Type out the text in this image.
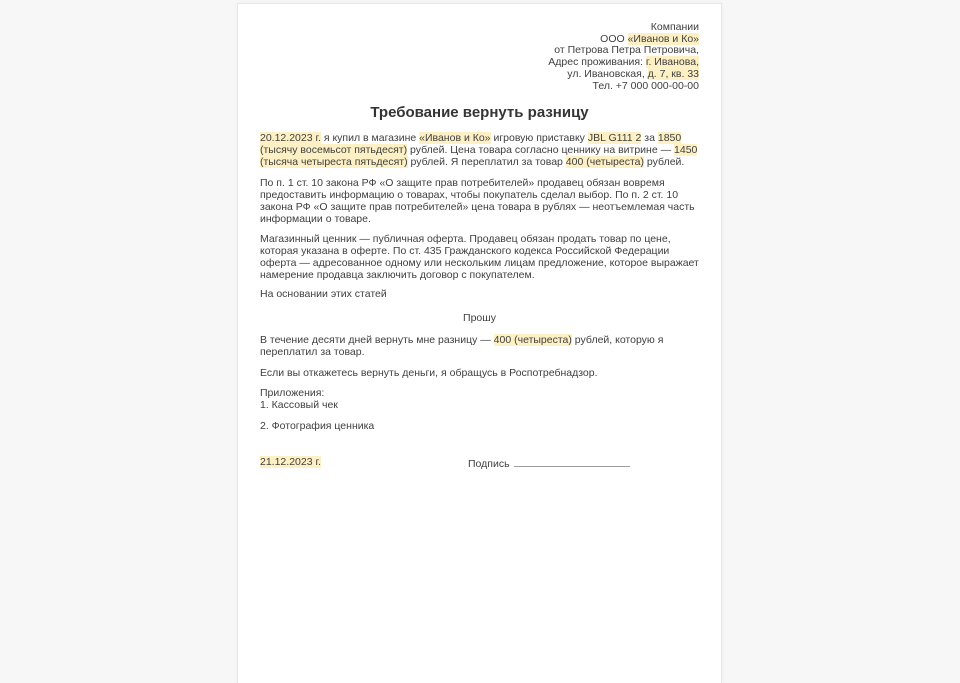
Компании
ООО «Иванов и Ко»
от Петрова Петра Петровича,
Адрес проживания: г. Иванова,
ул. Ивановская, д. 7, кв. 33
Тел. +7 000 000-00-00
Требование вернуть разницу

20.12.2023 г. я купил в магазине «Иванов и Ко» игровую приставку JBL G111 2 за 1850 (тысячу восемьсот пятьдесят) рублей. Цена товара согласно ценнику на витрине — 1450 (тысяча четыреста пятьдесят) рублей. Я переплатил за товар 400 (четыреста) рублей.

По п. 1 ст. 10 закона РФ «О защите прав потребителей» продавец обязан вовремя предоставить информацию о товарах, чтобы покупатель сделал выбор. По п. 2 ст. 10 закона РФ «О защите прав потребителей» цена товара в рублях — неотъемлемая часть информации о товаре.

Магазинный ценник — публичная оферта. Продавец обязан продать товар по цене, которая указана в оферте. По ст. 435 Гражданского кодекса Российской Федерации оферта — адресованное одному или нескольким лицам предложение, которое выражает намерение продавца заключить договор с покупателем.

На основании этих статей

Прошу

В течение десяти дней вернуть мне разницу — 400 (четыреста) рублей, которую я переплатил за товар.

Если вы откажетесь вернуть деньги, я обращусь в Роспотребнадзор.

Приложения:
1. Кассовый чек
2. Фотография ценника
21.12.2023 г.	Подпись
